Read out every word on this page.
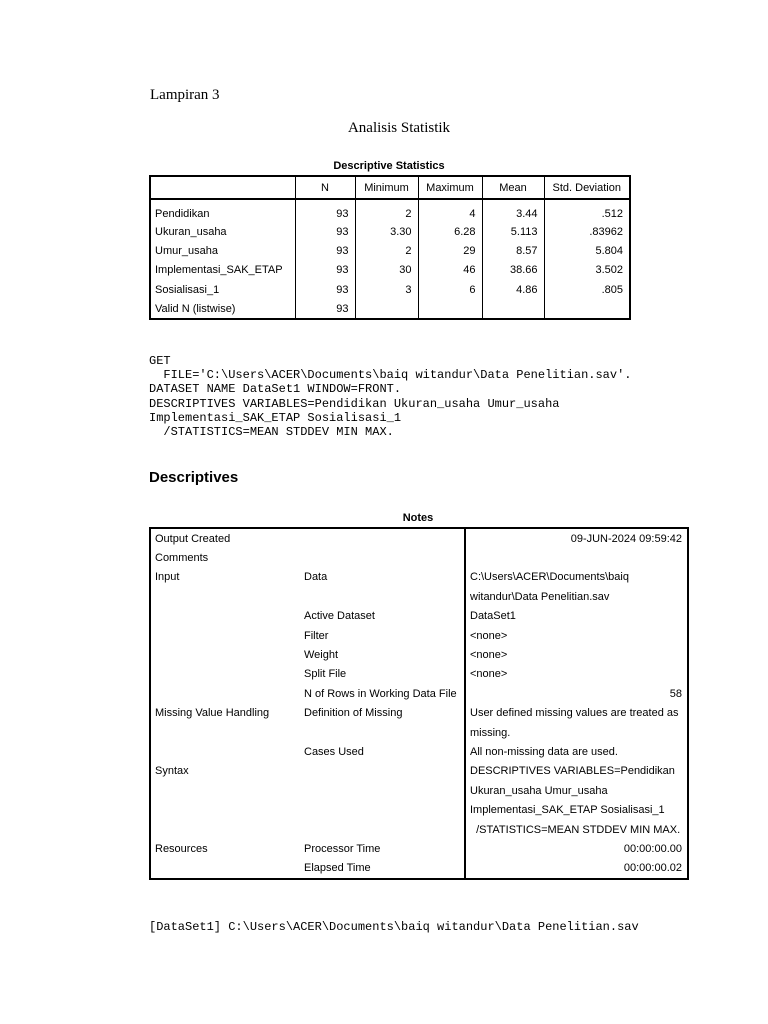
Lampiran 3
Analisis Statistik
Descriptive Statistics
	N	Minimum	Maximum	Mean	Std. Deviation
Pendidikan	93	2	4	3.44	.512
Ukuran_usaha	93	3.30	6.28	5.113	.83962
Umur_usaha	93	2	29	8.57	5.804
Implementasi_SAK_ETAP	93	30	46	38.66	3.502
Sosialisasi_1	93	3	6	4.86	.805
Valid N (listwise)	93				
GET
FILE='C:\Users\ACER\Documents\baiq witandur\Data Penelitian.sav'.
DATASET NAME DataSet1 WINDOW=FRONT.
DESCRIPTIVES VARIABLES=Pendidikan Ukuran_usaha Umur_usaha
Implementasi_SAK_ETAP Sosialisasi_1
/STATISTICS=MEAN STDDEV MIN MAX.
Descriptives
Notes
Output Created		09-JUN-2024 09:59:42
Comments		
Input	Data	C:\Users\ACER\Documents\baiq
		witandur\Data Penelitian.sav
	Active Dataset	DataSet1
	Filter	<none>
	Weight	<none>
	Split File	<none>
	N of Rows in Working Data File	58
Missing Value Handling	Definition of Missing	User defined missing values are treated as
		missing.
	Cases Used	All non-missing data are used.
Syntax		DESCRIPTIVES VARIABLES=Pendidikan
		Ukuran_usaha Umur_usaha
		Implementasi_SAK_ETAP Sosialisasi_1
		/STATISTICS=MEAN STDDEV MIN MAX.
Resources	Processor Time	00:00:00.00
	Elapsed Time	00:00:00.02
[DataSet1] C:\Users\ACER\Documents\baiq witandur\Data Penelitian.sav
